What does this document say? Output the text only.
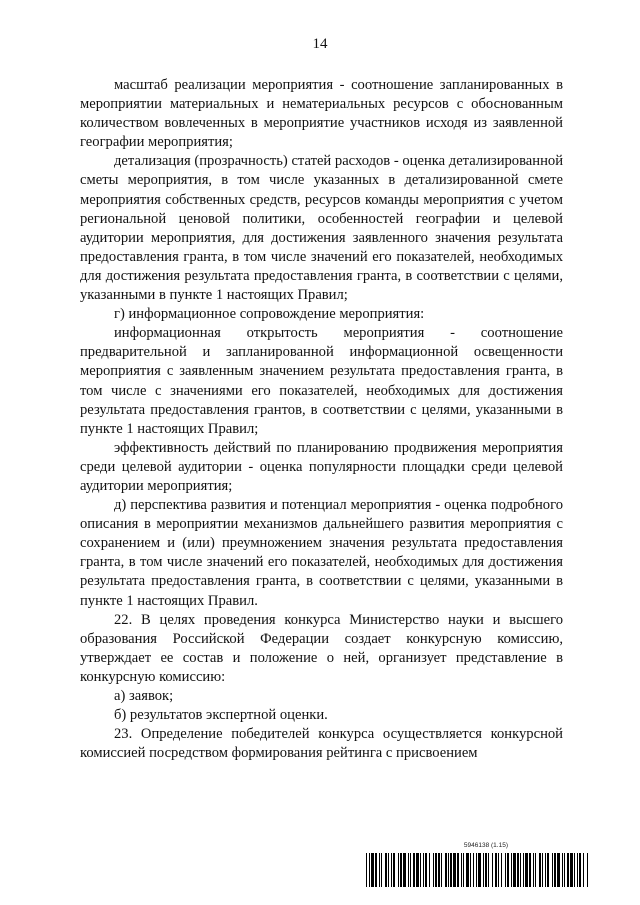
14

масштаб реализации мероприятия - соотношение запланированных в мероприятии материальных и нематериальных ресурсов с обоснованным количеством вовлеченных в мероприятие участников исходя из заявленной географии мероприятия;

детализация (прозрачность) статей расходов - оценка детализированной сметы мероприятия, в том числе указанных в детализированной смете мероприятия собственных средств, ресурсов команды мероприятия с учетом региональной ценовой политики, особенностей географии и целевой аудитории мероприятия, для достижения заявленного значения результата предоставления гранта, в том числе значений его показателей, необходимых для достижения результата предоставления гранта, в соответствии с целями, указанными в пункте 1 настоящих Правил;

г) информационное сопровождение мероприятия:

информационная открытость мероприятия - соотношение предварительной и запланированной информационной освещенности мероприятия с заявленным значением результата предоставления гранта, в том числе с значениями его показателей, необходимых для достижения результата предоставления грантов, в соответствии с целями, указанными в пункте 1 настоящих Правил;

эффективность действий по планированию продвижения мероприятия среди целевой аудитории - оценка популярности площадки среди целевой аудитории мероприятия;

д) перспектива развития и потенциал мероприятия - оценка подробного описания в мероприятии механизмов дальнейшего развития мероприятия с сохранением и (или) преумножением значения результата предоставления гранта, в том числе значений его показателей, необходимых для достижения результата предоставления гранта, в соответствии с целями, указанными в пункте 1 настоящих Правил.

22. В целях проведения конкурса Министерство науки и высшего образования Российской Федерации создает конкурсную комиссию, утверждает ее состав и положение о ней, организует представление в конкурсную комиссию:

а) заявок;

б) результатов экспертной оценки.

23. Определение победителей конкурса осуществляется конкурсной комиссией посредством формирования рейтинга с присвоением

5946138 (1.15)
